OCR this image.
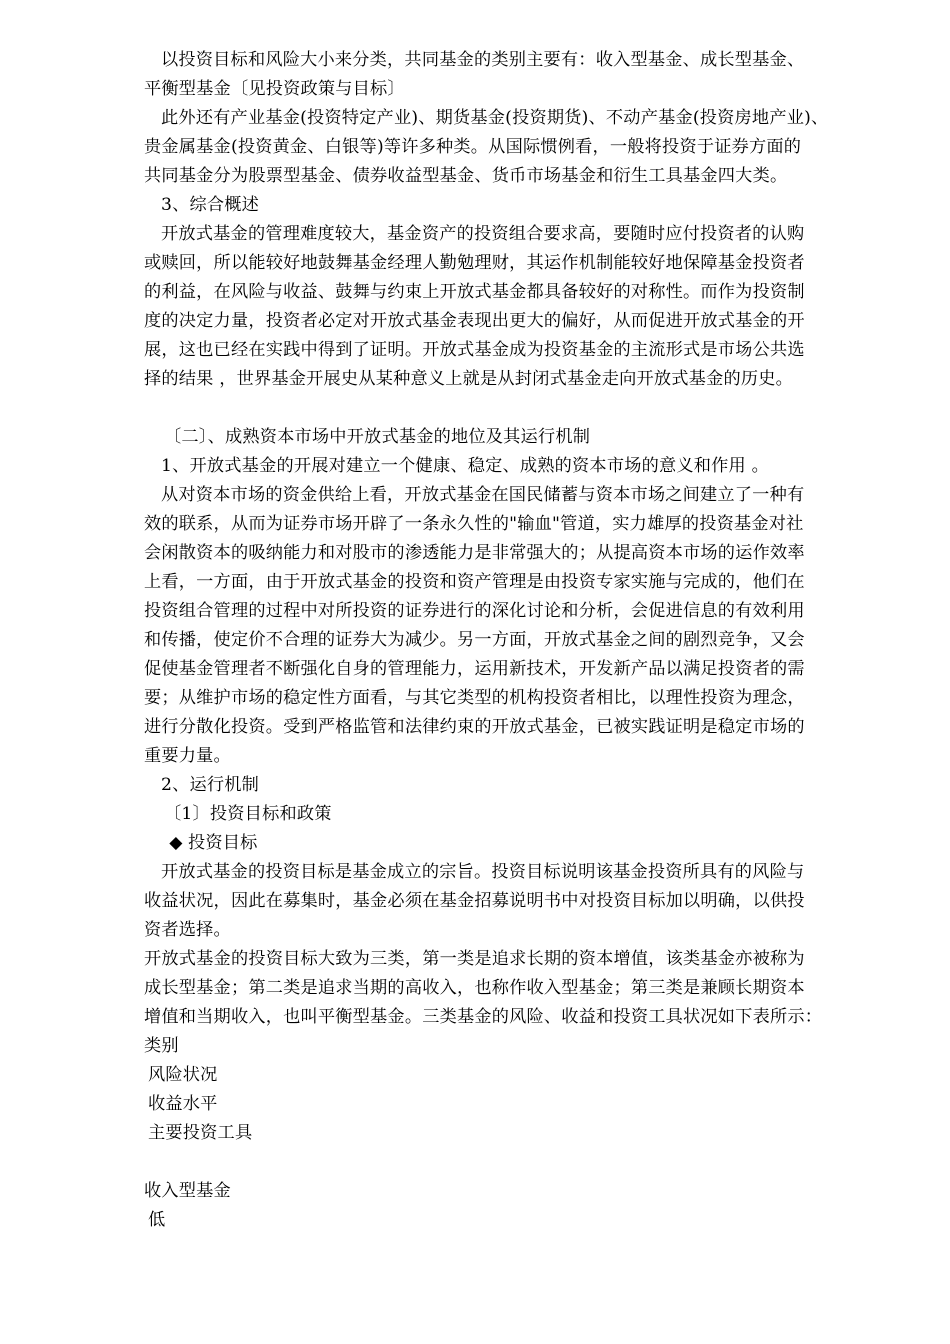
以投资目标和风险大小来分类，共同基金的类别主要有：收入型基金、成长型基金、
平衡型基金〔见投资政策与目标〕
此外还有产业基金(投资特定产业)、期货基金(投资期货)、不动产基金(投资房地产业)、
贵金属基金(投资黄金、白银等)等许多种类。从国际惯例看，一般将投资于证券方面的
共同基金分为股票型基金、债券收益型基金、货币市场基金和衍生工具基金四大类。
3、综合概述
开放式基金的管理难度较大，基金资产的投资组合要求高，要随时应付投资者的认购
或赎回，所以能较好地鼓舞基金经理人勤勉理财，其运作机制能较好地保障基金投资者
的利益，在风险与收益、鼓舞与约束上开放式基金都具备较好的对称性。而作为投资制
度的决定力量，投资者必定对开放式基金表现出更大的偏好，从而促进开放式基金的开
展，这也已经在实践中得到了证明。开放式基金成为投资基金的主流形式是市场公共选
择的结果 ，世界基金开展史从某种意义上就是从封闭式基金走向开放式基金的历史。
〔二〕、成熟资本市场中开放式基金的地位及其运行机制
1、开放式基金的开展对建立一个健康、稳定、成熟的资本市场的意义和作用 。
从对资本市场的资金供给上看，开放式基金在国民储蓄与资本市场之间建立了一种有
效的联系，从而为证券市场开辟了一条永久性的"输血"管道，实力雄厚的投资基金对社
会闲散资本的吸纳能力和对股市的渗透能力是非常强大的；从提高资本市场的运作效率
上看，一方面，由于开放式基金的投资和资产管理是由投资专家实施与完成的，他们在
投资组合管理的过程中对所投资的证券进行的深化讨论和分析，会促进信息的有效利用
和传播，使定价不合理的证券大为减少。另一方面，开放式基金之间的剧烈竞争，又会
促使基金管理者不断强化自身的管理能力，运用新技术，开发新产品以满足投资者的需
要；从维护市场的稳定性方面看，与其它类型的机构投资者相比，以理性投资为理念，
进行分散化投资。受到严格监管和法律约束的开放式基金，已被实践证明是稳定市场的
重要力量。
2、运行机制
〔1〕投资目标和政策
◆ 投资目标
开放式基金的投资目标是基金成立的宗旨。投资目标说明该基金投资所具有的风险与
收益状况，因此在募集时，基金必须在基金招募说明书中对投资目标加以明确，以供投
资者选择。
开放式基金的投资目标大致为三类，第一类是追求长期的资本增值，该类基金亦被称为
成长型基金；第二类是追求当期的高收入，也称作收入型基金；第三类是兼顾长期资本
增值和当期收入，也叫平衡型基金。三类基金的风险、收益和投资工具状况如下表所示：
类别
风险状况
收益水平
主要投资工具
收入型基金
低
